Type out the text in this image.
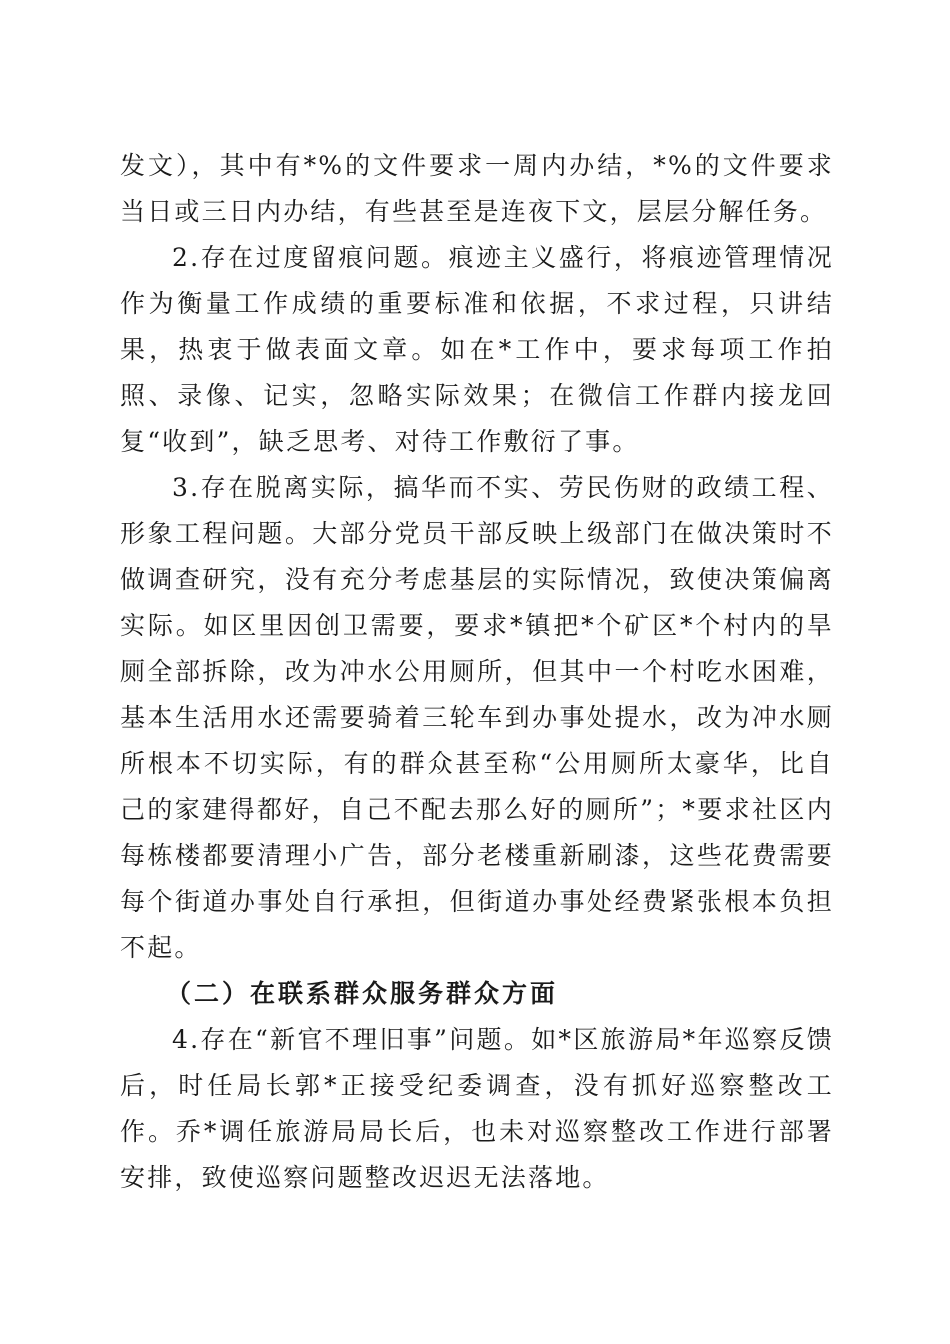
发文），其中有*%的文件要求一周内办结，*%的文件要求当日或三日内办结，有些甚至是连夜下文，层层分解任务。

2.存在过度留痕问题。痕迹主义盛行，将痕迹管理情况作为衡量工作成绩的重要标准和依据，不求过程，只讲结果，热衷于做表面文章。如在*工作中，要求每项工作拍照、录像、记实，忽略实际效果；在微信工作群内接龙回复“收到”，缺乏思考、对待工作敷衍了事。

3.存在脱离实际，搞华而不实、劳民伤财的政绩工程、形象工程问题。大部分党员干部反映上级部门在做决策时不做调查研究，没有充分考虑基层的实际情况，致使决策偏离实际。如区里因创卫需要，要求*镇把*个矿区*个村内的旱厕全部拆除，改为冲水公用厕所，但其中一个村吃水困难，基本生活用水还需要骑着三轮车到办事处提水，改为冲水厕所根本不切实际，有的群众甚至称“公用厕所太豪华，比自己的家建得都好，自己不配去那么好的厕所”；*要求社区内每栋楼都要清理小广告，部分老楼重新刷漆，这些花费需要每个街道办事处自行承担，但街道办事处经费紧张根本负担不起。

（二）在联系群众服务群众方面

4.存在“新官不理旧事”问题。如*区旅游局*年巡察反馈后，时任局长郭*正接受纪委调查，没有抓好巡察整改工作。乔*调任旅游局局长后，也未对巡察整改工作进行部署安排，致使巡察问题整改迟迟无法落地。
